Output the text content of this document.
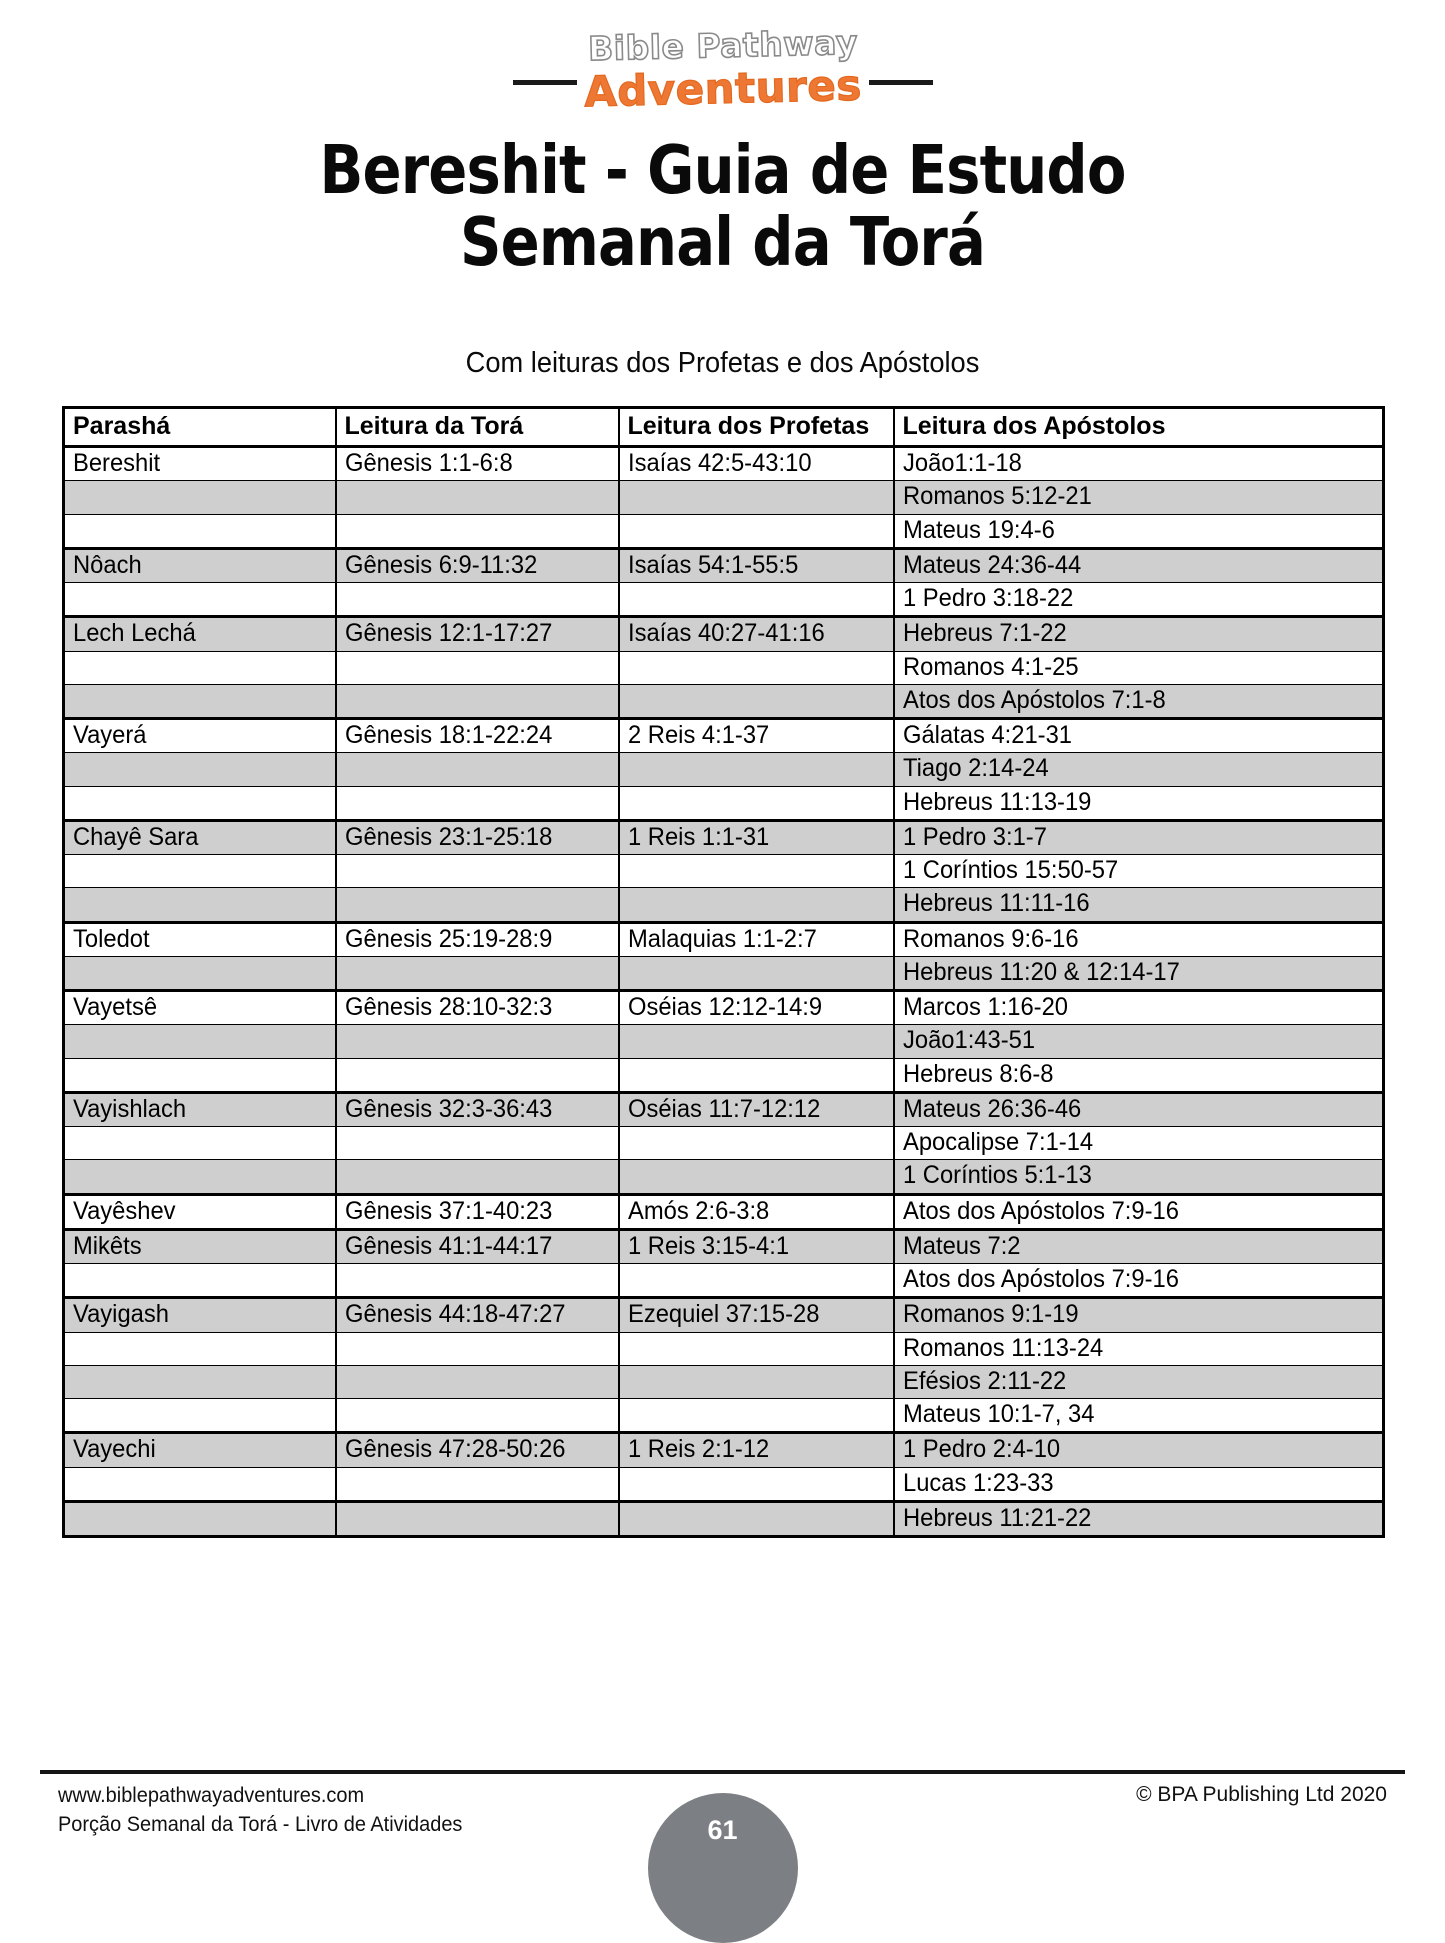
Bible Pathway
Adventures
Bereshit - Guia de Estudo
Semanal da Torá
Com leituras dos Profetas e dos Apóstolos
Parashá	Leitura da Torá	Leitura dos Profetas	Leitura dos Apóstolos
Bereshit	Gênesis 1:1-6:8	Isaías 42:5-43:10	João1:1-18
			Romanos 5:12-21
			Mateus 19:4-6
Nôach	Gênesis 6:9-11:32	Isaías 54:1-55:5	Mateus 24:36-44
			1 Pedro 3:18-22
Lech Lechá	Gênesis 12:1-17:27	Isaías 40:27-41:16	Hebreus 7:1-22
			Romanos 4:1-25
			Atos dos Apóstolos 7:1-8
Vayerá	Gênesis 18:1-22:24	2 Reis 4:1-37	Gálatas 4:21-31
			Tiago 2:14-24
			Hebreus 11:13-19
Chayê Sara	Gênesis 23:1-25:18	1 Reis 1:1-31	1 Pedro 3:1-7
			1 Coríntios 15:50-57
			Hebreus 11:11-16
Toledot	Gênesis 25:19-28:9	Malaquias 1:1-2:7	Romanos 9:6-16
			Hebreus 11:20 & 12:14-17
Vayetsê	Gênesis 28:10-32:3	Oséias 12:12-14:9	Marcos 1:16-20
			João1:43-51
			Hebreus 8:6-8
Vayishlach	Gênesis 32:3-36:43	Oséias 11:7-12:12	Mateus 26:36-46
			Apocalipse 7:1-14
			1 Coríntios 5:1-13
Vayêshev	Gênesis 37:1-40:23	Amós 2:6-3:8	Atos dos Apóstolos 7:9-16
Mikêts	Gênesis 41:1-44:17	1 Reis 3:15-4:1	Mateus 7:2
			Atos dos Apóstolos 7:9-16
Vayigash	Gênesis 44:18-47:27	Ezequiel 37:15-28	Romanos 9:1-19
			Romanos 11:13-24
			Efésios 2:11-22
			Mateus 10:1-7, 34
Vayechi	Gênesis 47:28-50:26	1 Reis 2:1-12	1 Pedro 2:4-10
			Lucas 1:23-33
			Hebreus 11:21-22
www.biblepathwayadventures.com
Porção Semanal da Torá - Livro de Atividades
© BPA Publishing Ltd 2020
61
